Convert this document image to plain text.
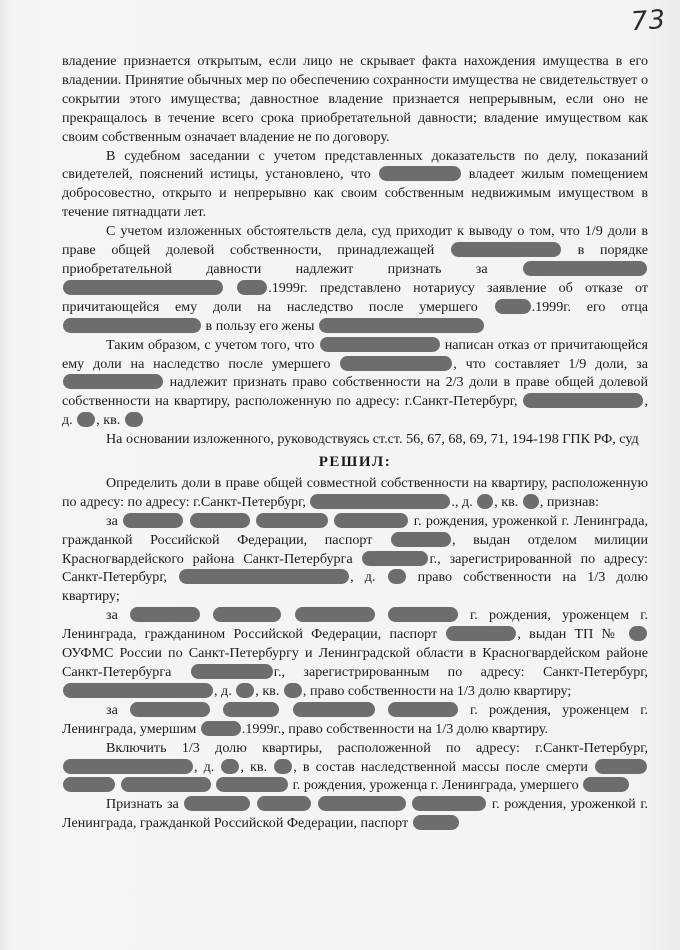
73

владение признается открытым, если лицо не скрывает факта нахождения имущества в его владении. Принятие обычных мер по обеспечению сохранности имущества не свидетельствует о сокрытии этого имущества; давностное владение признается непрерывным, если оно не прекращалось в течение всего срока приобретательной давности; владение имуществом как своим собственным означает владение не по договору.

В судебном заседании с учетом представленных доказательств по делу, показаний свидетелей, пояснений истицы, установлено, что	владеет жилым помещением добросовестно, открыто и непрерывно как своим собственным недвижимым имуществом в течение пятнадцати лет.

С учетом изложенных обстоятельств дела, суд приходит к выводу о том, что 1/9 доли в праве общей долевой собственности, принадлежащей	в порядке приобретательной давности надлежит признать за   .1999г. представлено нотариусу заявление об отказе от причитающейся ему доли на наследство после умершего	.1999г. его отца  в пользу его жены

Таким образом, с учетом того, что	написан отказ от причитающейся ему доли на наследство после умершего	, что составляет 1/9 доли, за  надлежит признать право собственности на 2/3 доли в праве общей долевой собственности на квартиру, расположенную по адресу: г.Санкт-Петербург,	, д. , кв.

На основании изложенного, руководствуясь ст.ст. 56, 67, 68, 69, 71, 194-198 ГПК РФ, суд

РЕШИЛ:

Определить доли в праве общей совместной собственности на квартиру, расположенную по адресу: по адресу: г.Санкт-Петербург,	., д. , кв. , признав:

за	г. рождения, уроженкой г. Ленинграда, гражданкой Российской Федерации, паспорт	, выдан отделом милиции Красногвардейского района Санкт-Петербурга	г., зарегистрированной по адресу: Санкт-Петербург,	, д.	право собственности на 1/3 долю квартиру;

за	г. рождения, уроженцем г. Ленинграда, гражданином Российской Федерации, паспорт	, выдан ТП №  ОУФМС России по Санкт-Петербургу и Ленинградской области в Красногвардейском районе Санкт-Петербурга	г., зарегистрированным по адресу: Санкт-Петербург, , д. , кв. , право собственности на 1/3 долю квартиру;

за	г. рождения, уроженцем г. Ленинграда, умершим	.1999г., право собственности на 1/3 долю квартиру.

Включить 1/3 долю квартиры, расположенной по адресу: г.Санкт-Петербург, , д. , кв. , в состав наследственной массы после смерти     г. рождения, уроженца г. Ленинграда, умершего

Признать за	г. рождения, уроженкой г. Ленинграда, гражданкой Российской Федерации, паспорт
